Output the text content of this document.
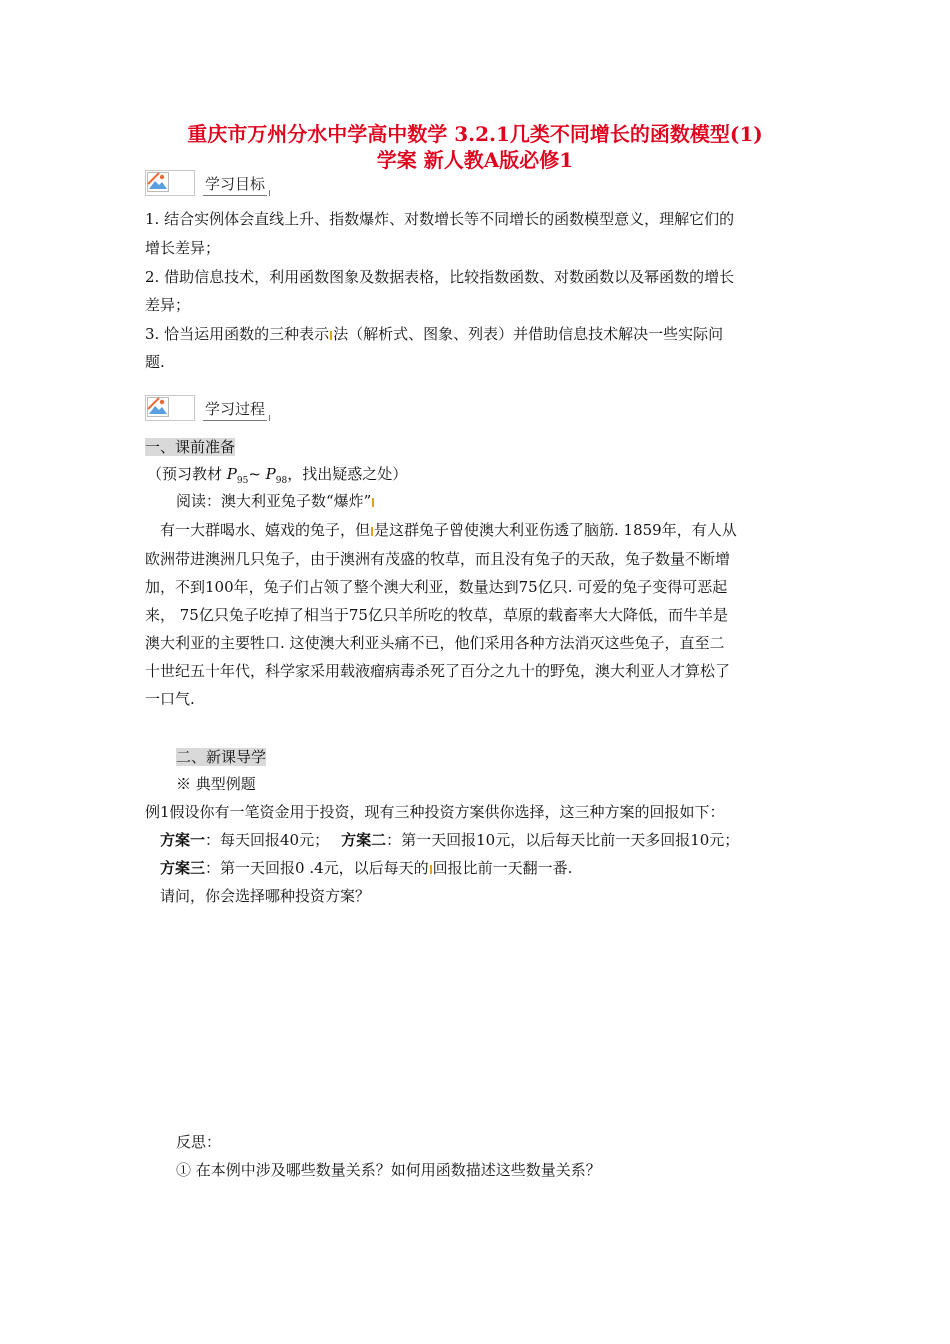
重庆市万州分水中学高中数学 3.2.1几类不同增长的函数模型(1)
学案 新人教A版必修1
学习目标
1. 结合实例体会直线上升、指数爆炸、对数增长等不同增长的函数模型意义，理解它们的
增长差异；
2. 借助信息技术，利用函数图象及数据表格，比较指数函数、对数函数以及幂函数的增长
差异；
3. 恰当运用函数的三种表示 法（解析式、图象、列表）并借助信息技术解决一些实际问
题.
学习过程
一、课前准备
（预习教材 $P_{95}\sim$ $P_{98}$，找出疑惑之处）
阅读：澳大利亚兔子数“爆炸”
有一大群喝水、嬉戏的兔子，但 是这群兔子曾使澳大利亚伤透了脑筋. 1859年，有人从
欧洲带进澳洲几只兔子，由于澳洲有茂盛的牧草，而且没有兔子的天敌，兔子数量不断增
加，不到100年，兔子们占领了整个澳大利亚，数量达到75亿只. 可爱的兔子变得可恶起
来， 75亿只兔子吃掉了相当于75亿只羊所吃的牧草，草原的载畜率大大降低，而牛羊是
澳大利亚的主要牲口. 这使澳大利亚头痛不已，他们采用各种方法消灭这些兔子，直至二
十世纪五十年代，科学家采用载液瘤病毒杀死了百分之九十的野兔，澳大利亚人才算松了
一口气.
二、新课导学
※ 典型例题
例1假设你有一笔资金用于投资，现有三种投资方案供你选择，这三种方案的回报如下：
方案一：每天回报40元； 方案二：第一天回报10元，以后每天比前一天多回报10元；
方案三：第一天回报0 .4元，以后每天的 回报比前一天翻一番.
请问，你会选择哪种投资方案？
反思：
① 在本例中涉及哪些数量关系？如何用函数描述这些数量关系？
